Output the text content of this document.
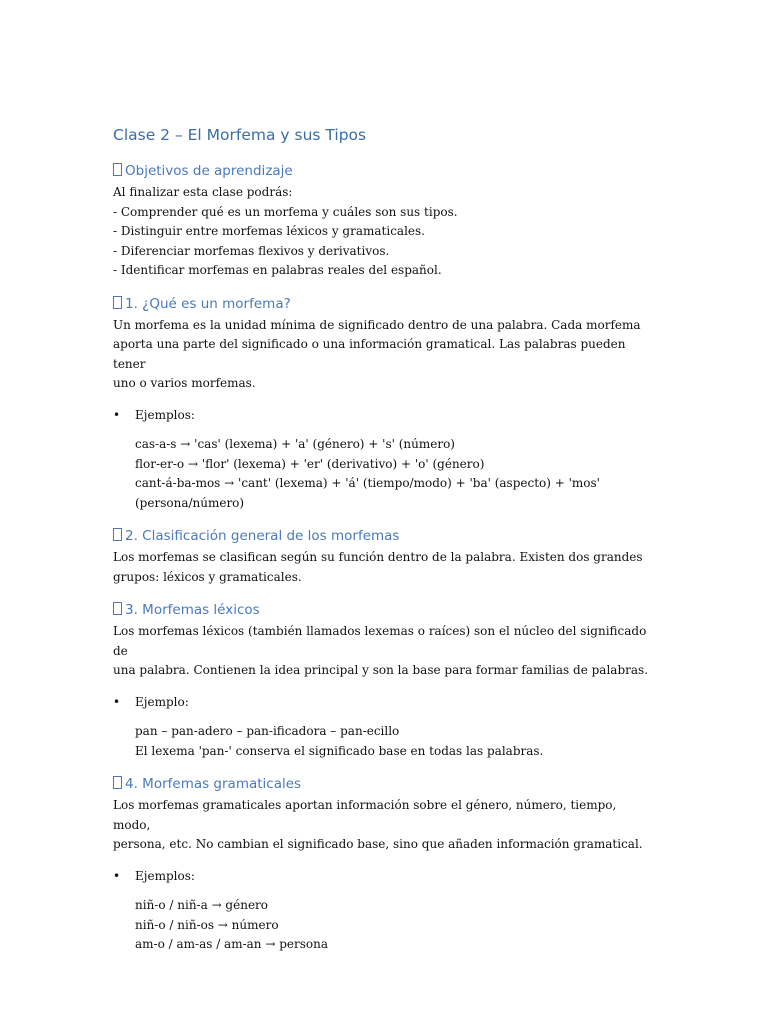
Clase 2 – El Morfema y sus Tipos
Objetivos de aprendizaje

Al finalizar esta clase podrás:

- Comprender qué es un morfema y cuáles son sus tipos.

- Distinguir entre morfemas léxicos y gramaticales.

- Diferenciar morfemas flexivos y derivativos.

- Identificar morfemas en palabras reales del español.

1. ¿Qué es un morfema?

Un morfema es la unidad mínima de significado dentro de una palabra. Cada morfema

aporta una parte del significado o una información gramatical. Las palabras pueden tener

uno o varios morfemas.

• Ejemplos:

cas-a-s → 'cas' (lexema) + 'a' (género) + 's' (número)

flor-er-o → 'flor' (lexema) + 'er' (derivativo) + 'o' (género)

cant-á-ba-mos → 'cant' (lexema) + 'á' (tiempo/modo) + 'ba' (aspecto) + 'mos'

(persona/número)

2. Clasificación general de los morfemas

Los morfemas se clasifican según su función dentro de la palabra. Existen dos grandes

grupos: léxicos y gramaticales.

3. Morfemas léxicos

Los morfemas léxicos (también llamados lexemas o raíces) son el núcleo del significado de

una palabra. Contienen la idea principal y son la base para formar familias de palabras.

• Ejemplo:

pan – pan-adero – pan-ificadora – pan-ecillo

El lexema 'pan-' conserva el significado base en todas las palabras.

4. Morfemas gramaticales

Los morfemas gramaticales aportan información sobre el género, número, tiempo, modo,

persona, etc. No cambian el significado base, sino que añaden información gramatical.

• Ejemplos:

niñ-o / niñ-a → género

niñ-o / niñ-os → número

am-o / am-as / am-an → persona
